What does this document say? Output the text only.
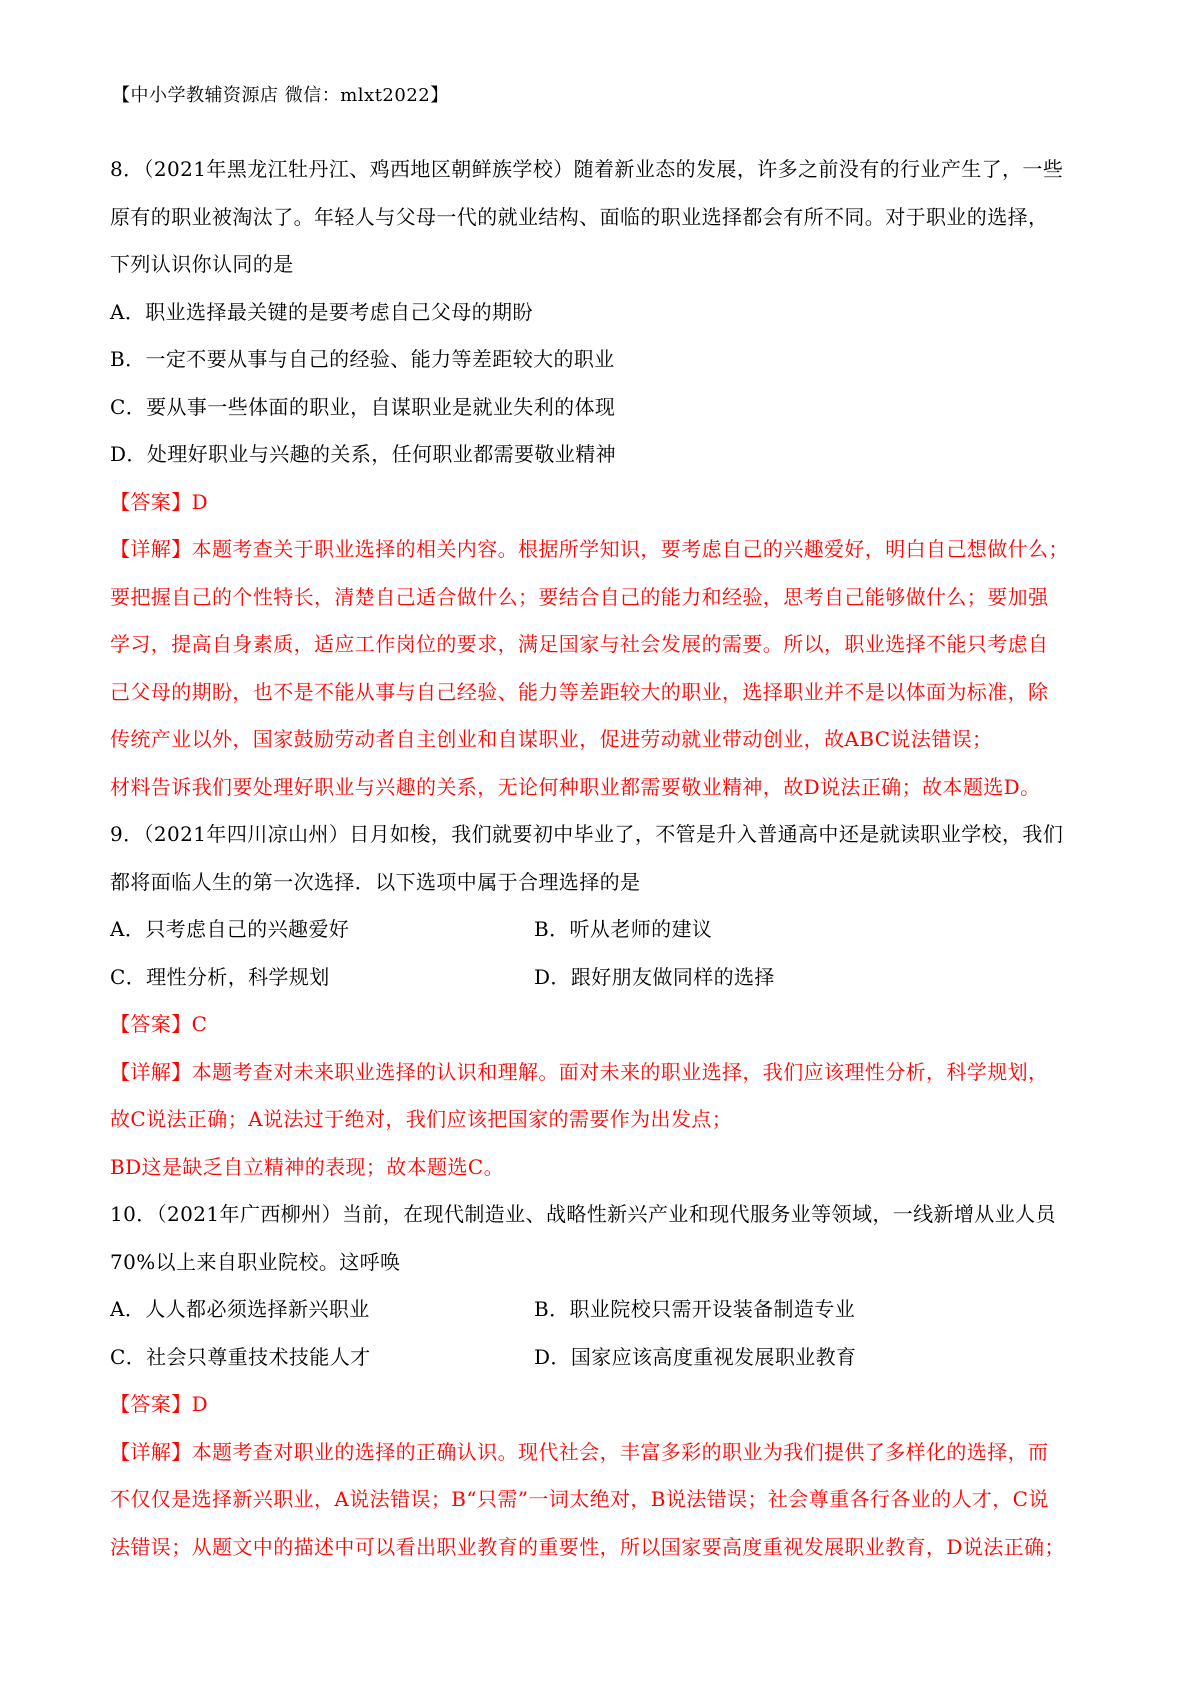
【中小学教辅资源店 微信：mlxt2022】
8．（2021年黑龙江牡丹江、鸡西地区朝鲜族学校）随着新业态的发展，许多之前没有的行业产生了，一些
原有的职业被淘汰了。年轻人与父母一代的就业结构、面临的职业选择都会有所不同。对于职业的选择，
下列认识你认同的是
A．职业选择最关键的是要考虑自己父母的期盼
B．一定不要从事与自己的经验、能力等差距较大的职业
C．要从事一些体面的职业，自谋职业是就业失利的体现
D．处理好职业与兴趣的关系，任何职业都需要敬业精神
【答案】D
【详解】本题考查关于职业选择的相关内容。根据所学知识，要考虑自己的兴趣爱好，明白自己想做什么；
要把握自己的个性特长，清楚自己适合做什么；要结合自己的能力和经验，思考自己能够做什么；要加强
学习，提高自身素质，适应工作岗位的要求，满足国家与社会发展的需要。所以，职业选择不能只考虑自
己父母的期盼，也不是不能从事与自己经验、能力等差距较大的职业，选择职业并不是以体面为标准，除
传统产业以外，国家鼓励劳动者自主创业和自谋职业，促进劳动就业带动创业，故ABC说法错误；
材料告诉我们要处理好职业与兴趣的关系，无论何种职业都需要敬业精神，故D说法正确；故本题选D。
9．（2021年四川凉山州）日月如梭，我们就要初中毕业了，不管是升入普通高中还是就读职业学校，我们
都将面临人生的第一次选择．以下选项中属于合理选择的是
A．只考虑自己的兴趣爱好	B．听从老师的建议
C．理性分析，科学规划	D．跟好朋友做同样的选择
【答案】C
【详解】本题考查对未来职业选择的认识和理解。面对未来的职业选择，我们应该理性分析，科学规划，
故C说法正确；A说法过于绝对，我们应该把国家的需要作为出发点；
BD这是缺乏自立精神的表现；故本题选C。
10．（2021年广西柳州）当前，在现代制造业、战略性新兴产业和现代服务业等领域，一线新增从业人员
70%以上来自职业院校。这呼唤
A．人人都必须选择新兴职业	B．职业院校只需开设装备制造专业
C．社会只尊重技术技能人才	D．国家应该高度重视发展职业教育
【答案】D
【详解】本题考查对职业的选择的正确认识。现代社会，丰富多彩的职业为我们提供了多样化的选择，而
不仅仅是选择新兴职业，A说法错误；B“只需”一词太绝对，B说法错误；社会尊重各行各业的人才，C说
法错误；从题文中的描述中可以看出职业教育的重要性，所以国家要高度重视发展职业教育，D说法正确；
